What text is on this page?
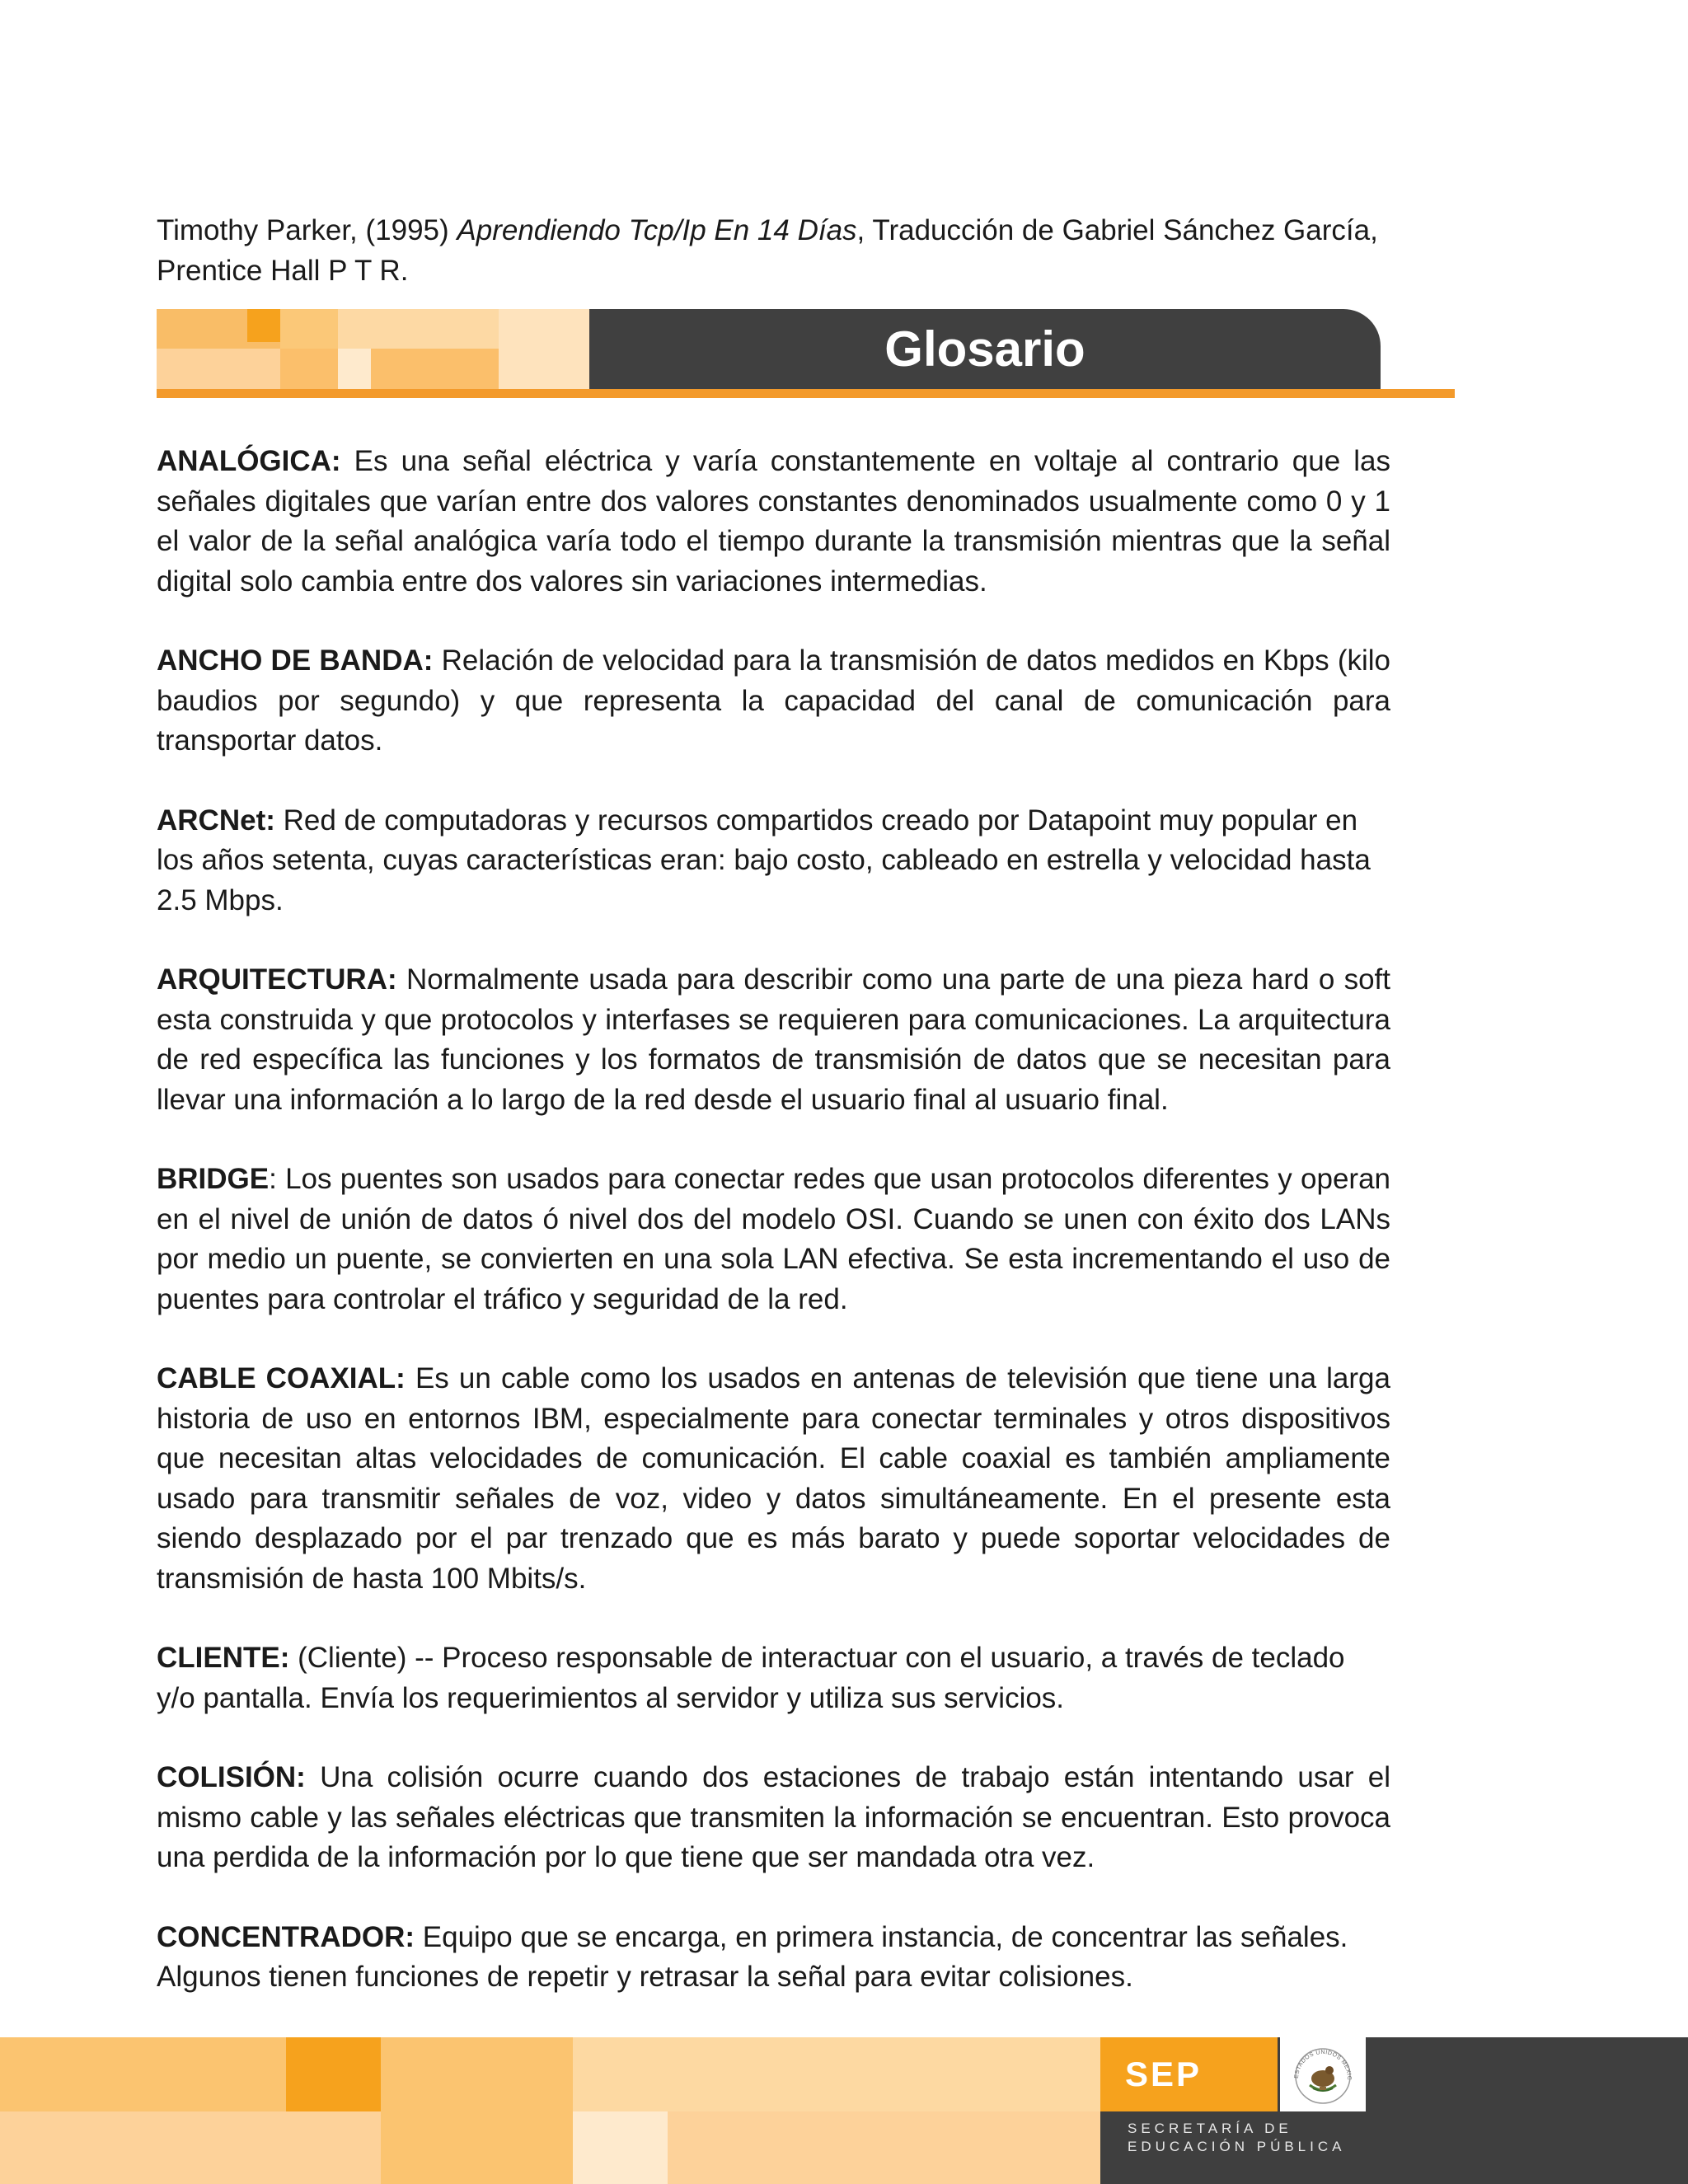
Timothy Parker, (1995) Aprendiendo Tcp/Ip En 14 Días, Traducción de Gabriel Sánchez García, Prentice Hall P T R.
Glosario

ANALÓGICA: Es una señal eléctrica y varía constantemente en voltaje al contrario que las señales digitales que varían entre dos valores constantes denominados usualmente como 0 y 1 el valor de la señal analógica varía todo el tiempo durante la transmisión mientras que la señal digital solo cambia entre dos valores sin variaciones intermedias.

ANCHO DE BANDA: Relación de velocidad para la transmisión de datos medidos en Kbps (kilo baudios por segundo) y que representa la capacidad del canal de comunicación para transportar datos.

ARCNet: Red de computadoras y recursos compartidos creado por Datapoint muy popular en los años setenta, cuyas características eran: bajo costo, cableado en estrella y velocidad hasta 2.5 Mbps.

ARQUITECTURA: Normalmente usada para describir como una parte de una pieza hard o soft esta construida y que protocolos y interfases se requieren para comunicaciones. La arquitectura de red específica las funciones y los formatos de transmisión de datos que se necesitan para llevar una información a lo largo de la red desde el usuario final al usuario final.

BRIDGE: Los puentes son usados para conectar redes que usan protocolos diferentes y operan en el nivel de unión de datos ó nivel dos del modelo OSI. Cuando se unen con éxito dos LANs por medio un puente, se convierten en una sola LAN efectiva. Se esta incrementando el uso de puentes para controlar el tráfico y seguridad de la red.

CABLE COAXIAL: Es un cable como los usados en antenas de televisión que tiene una larga historia de uso en entornos IBM, especialmente para conectar terminales y otros dispositivos que necesitan altas velocidades de comunicación. El cable coaxial es también ampliamente usado para transmitir señales de voz, video y datos simultáneamente. En el presente esta siendo desplazado por el par trenzado que es más barato y puede soportar velocidades de transmisión de hasta 100 Mbits/s.

CLIENTE: (Cliente) -- Proceso responsable de interactuar con el usuario, a través de teclado y/o pantalla. Envía los requerimientos al servidor y utiliza sus servicios.

COLISIÓN: Una colisión ocurre cuando dos estaciones de trabajo están intentando usar el mismo cable y las señales eléctricas que transmiten la información se encuentran. Esto provoca una perdida de la información por lo que tiene que ser mandada otra vez.

CONCENTRADOR: Equipo que se encarga, en primera instancia, de concentrar las señales. Algunos tienen funciones de repetir y retrasar la señal para evitar colisiones.

SEP	ESTADOS UNIDOS MEXIC
SECRETARÍA DE
EDUCACIÓN PÚBLICA
